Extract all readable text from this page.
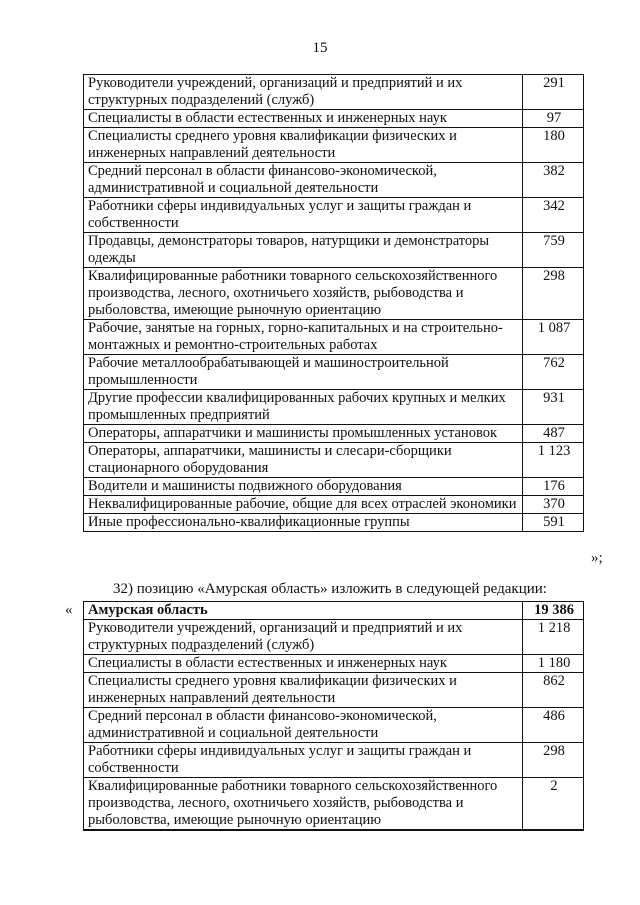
15
Руководители учреждений, организаций и предприятий и их структурных подразделений (служб)	291
Специалисты в области естественных и инженерных наук	97
Специалисты среднего уровня квалификации физических и инженерных направлений деятельности	180
Средний персонал в области финансово-экономической, административной и социальной деятельности	382
Работники сферы индивидуальных услуг и защиты граждан и собственности	342
Продавцы, демонстраторы товаров, натурщики и демонстраторы одежды	759
Квалифицированные работники товарного сельскохозяйственного производства, лесного, охотничьего хозяйств, рыбоводства и рыболовства, имеющие рыночную ориентацию	298
Рабочие, занятые на горных, горно-капитальных и на строительно-монтажных и ремонтно-строительных работах	1 087
Рабочие металлообрабатывающей и машиностроительной промышленности	762
Другие профессии квалифицированных рабочих крупных и мелких промышленных предприятий	931
Операторы, аппаратчики и машинисты промышленных установок	487
Операторы, аппаратчики, машинисты и слесари-сборщики стационарного оборудования	1 123
Водители и машинисты подвижного оборудования	176
Неквалифицированные рабочие, общие для всех отраслей экономики	370
Иные профессионально-квалификационные группы	591
»;
32) позицию «Амурская область» изложить в следующей редакции:
« Амурская область	19 386
Руководители учреждений, организаций и предприятий и их структурных подразделений (служб)	1 218
Специалисты в области естественных и инженерных наук	1 180
Специалисты среднего уровня квалификации физических и инженерных направлений деятельности	862
Средний персонал в области финансово-экономической, административной и социальной деятельности	486
Работники сферы индивидуальных услуг и защиты граждан и собственности	298
Квалифицированные работники товарного сельскохозяйственного производства, лесного, охотничьего хозяйств, рыбоводства и рыболовства, имеющие рыночную ориентацию	2
